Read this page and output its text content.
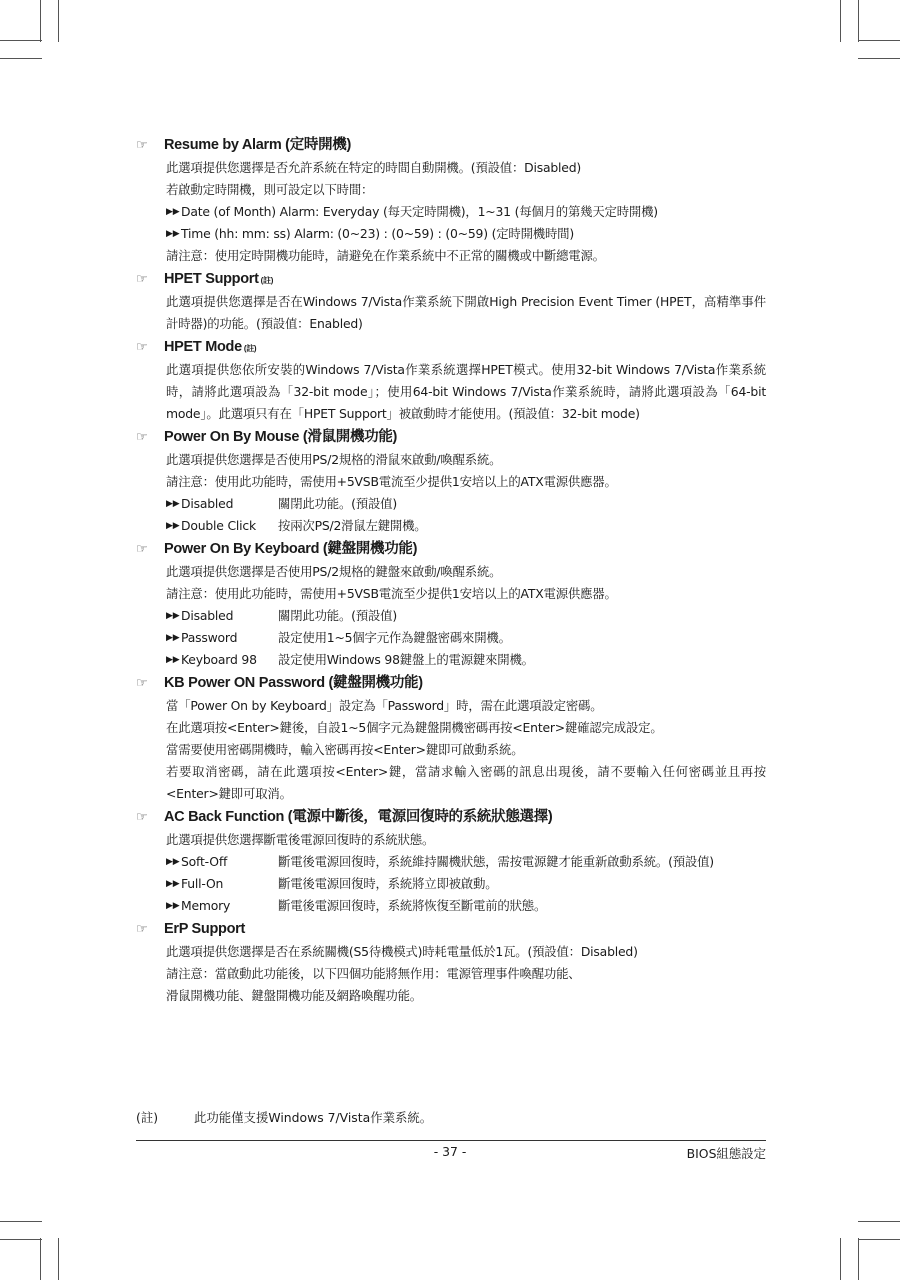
☞	Resume by Alarm (定時開機)
此選項提供您選擇是否允許系統在特定的時間自動開機。(預設值：Disabled)
若啟動定時開機，則可設定以下時間：
▶▶ Date (of Month) Alarm: Everyday (每天定時開機)，1~31 (每個月的第幾天定時開機)
▶▶ Time (hh: mm: ss) Alarm: (0~23) : (0~59) : (0~59) (定時開機時間)
請注意：使用定時開機功能時，請避免在作業系統中不正常的關機或中斷總電源。
☞	HPET Support (註)
此選項提供您選擇是否在Windows 7/Vista作業系統下開啟High Precision Event Timer (HPET，高精準事件計時器)的功能。(預設值：Enabled)
☞	HPET Mode (註)
此選項提供您依所安裝的Windows 7/Vista作業系統選擇HPET模式。使用32-bit Windows 7/Vista作業系統時，請將此選項設為「32-bit mode」；使用64-bit Windows 7/Vista作業系統時，請將此選項設為「64-bit mode」。此選項只有在「HPET Support」被啟動時才能使用。(預設值：32-bit mode)
☞	Power On By Mouse (滑鼠開機功能)
此選項提供您選擇是否使用PS/2規格的滑鼠來啟動/喚醒系統。
請注意：使用此功能時，需使用+5VSB電流至少提供1安培以上的ATX電源供應器。
▶▶ Disabled	關閉此功能。(預設值)
▶▶ Double Click	按兩次PS/2滑鼠左鍵開機。
☞	Power On By Keyboard (鍵盤開機功能)
此選項提供您選擇是否使用PS/2規格的鍵盤來啟動/喚醒系統。
請注意：使用此功能時，需使用+5VSB電流至少提供1安培以上的ATX電源供應器。
▶▶ Disabled	關閉此功能。(預設值)
▶▶ Password	設定使用1~5個字元作為鍵盤密碼來開機。
▶▶ Keyboard 98	設定使用Windows 98鍵盤上的電源鍵來開機。
☞	KB Power ON Password (鍵盤開機功能)
當「Power On by Keyboard」設定為「Password」時，需在此選項設定密碼。
在此選項按<Enter>鍵後，自設1~5個字元為鍵盤開機密碼再按<Enter>鍵確認完成設定。
當需要使用密碼開機時，輸入密碼再按<Enter>鍵即可啟動系統。
若要取消密碼，請在此選項按<Enter>鍵，當請求輸入密碼的訊息出現後，請不要輸入任何密碼並且再按<Enter>鍵即可取消。
☞	AC Back Function (電源中斷後，電源回復時的系統狀態選擇)
此選項提供您選擇斷電後電源回復時的系統狀態。
▶▶ Soft-Off	斷電後電源回復時，系統維持關機狀態，需按電源鍵才能重新啟動系統。(預設值)
▶▶ Full-On	斷電後電源回復時，系統將立即被啟動。
▶▶ Memory	斷電後電源回復時，系統將恢復至斷電前的狀態。
☞	ErP Support
此選項提供您選擇是否在系統關機(S5待機模式)時耗電量低於1瓦。(預設值：Disabled)
請注意：當啟動此功能後，以下四個功能將無作用：電源管理事件喚醒功能、
滑鼠開機功能、鍵盤開機功能及網路喚醒功能。
(註)	此功能僅支援Windows 7/Vista作業系統。
- 37 -	BIOS組態設定
